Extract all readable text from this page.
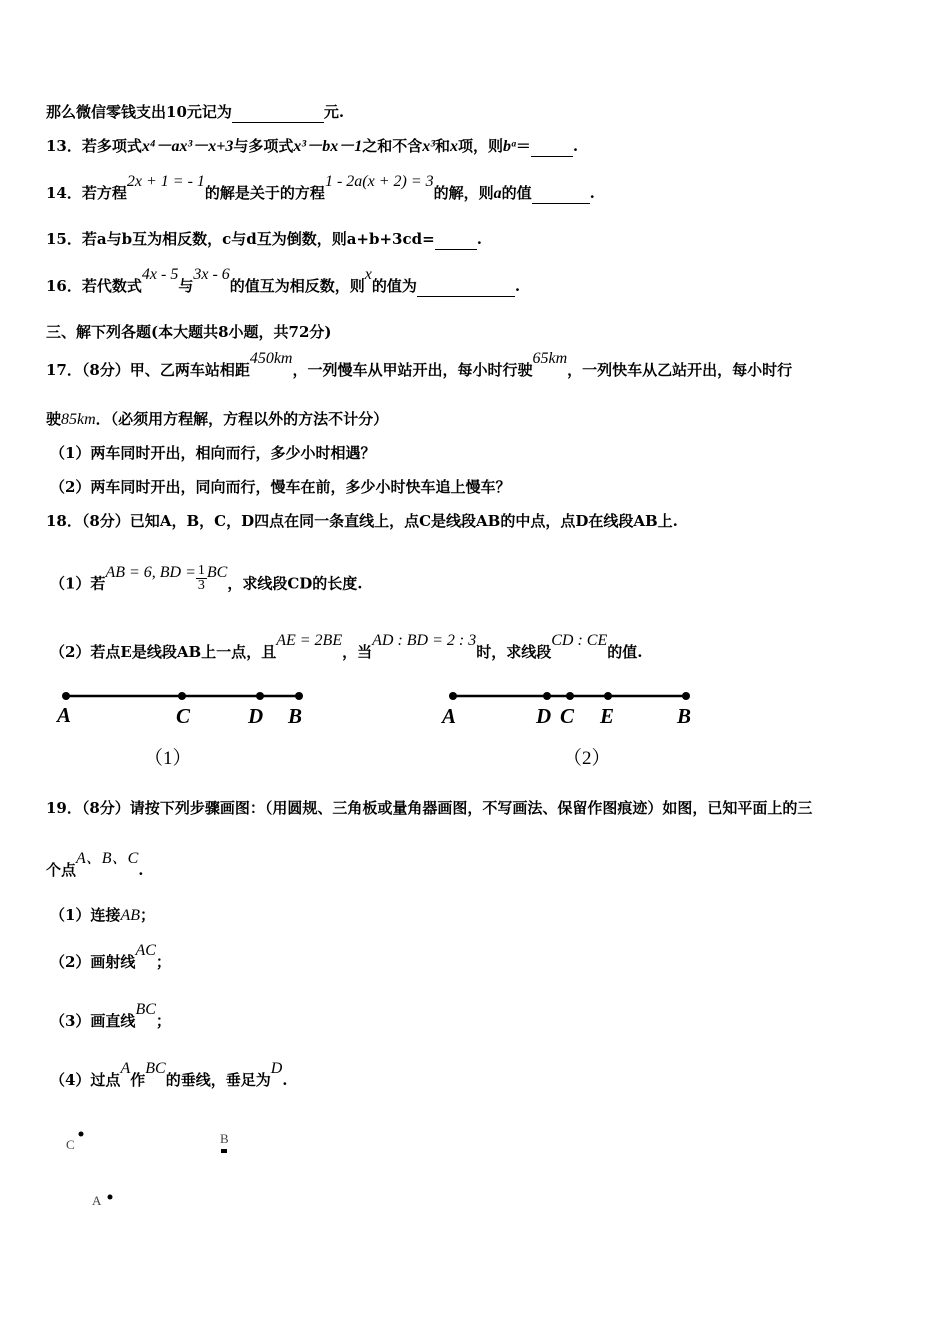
那么微信零钱支出10元记为	元.
13．若多项式x⁴－ax³－x+3与多项式x³－bx－1之和不含x³和x项，则bᵃ＝	.
14．若方程2x + 1 = - 1的解是关于的方程1 - 2a(x + 2) = 3的解，则a的值	.
15．若a与b互为相反数，c与d互为倒数，则a+b+3cd=	.
16．若代数式4x - 5与3x - 6的值互为相反数，则x的值为	.
三、解下列各题(本大题共8小题，共72分)
17．（8分）甲、乙两车站相距450km，一列慢车从甲站开出，每小时行驶65km，一列快车从乙站开出，每小时行
驶85km．（必须用方程解，方程以外的方法不计分）
（1）两车同时开出，相向而行，多少小时相遇？
（2）两车同时开出，同向而行，慢车在前，多少小时快车追上慢车？
18．（8分）已知A，B，C，D四点在同一条直线上，点C是线段AB的中点，点D在线段AB上.
（1）若AB = 6, BD = $\frac{1}{3}$ BC，求线段CD的长度.
（2）若点E是线段AB上一点，且AE = 2BE，当AD : BD = 2 : 3时，求线段CD : CE的值.
A	C	D B
（1）
A	D C E	B
（2）
19．（8分）请按下列步骤画图：（用圆规、三角板或量角器画图，不写画法、保留作图痕迹）如图，已知平面上的三
个点A、B、C.
（1）连接AB；
（2）画射线AC；
（3）画直线BC；
（4）过点A作BC的垂线，垂足为D.
C	B
A
